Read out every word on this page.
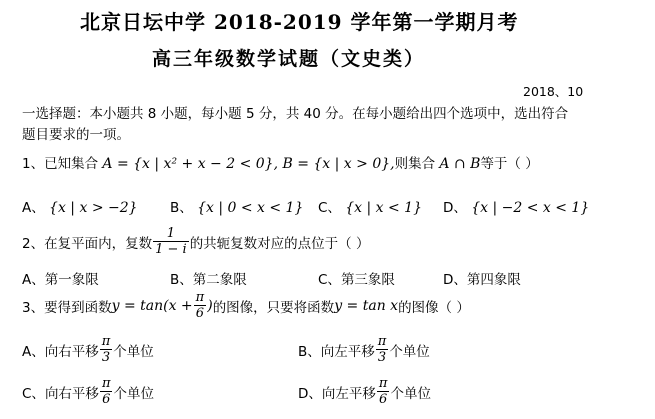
北京日坛中学 2018-2019 学年第一学期月考
高三年级数学试题（文史类）
2018、10
一选择题：本小题共 8 小题，每小题 5 分，共 40 分。在每小题给出四个选项中，选出符合
题目要求的一项。
1、已知集合 A = {x | x² + x − 2 < 0}, B = {x | x > 0},则集合 A ∩ B等于（ ）
A、 {x | x > −2} B、 {x | 0 < x < 1} C、 {x | x < 1} D、 {x | −2 < x < 1}
2、 在复平面内，复数 $\frac{1}{1 - i}$ 的共轭复数对应的点位于（ ）
A、第一象限	B、第二象限	C、第三象限	D、第四象限
3、 要得到函数 $y = \tan(x + \frac{\pi}{6}$ ) 的图像，只要将函数 y = tan x 的图像（ ）
A、 向右平移 $\frac{\pi}{3}$ 个单位	B、 向左平移 $\frac{\pi}{3}$ 个单位
C、 向右平移 $\frac{\pi}{6}$ 个单位	D、 向左平移 $\frac{\pi}{6}$ 个单位
